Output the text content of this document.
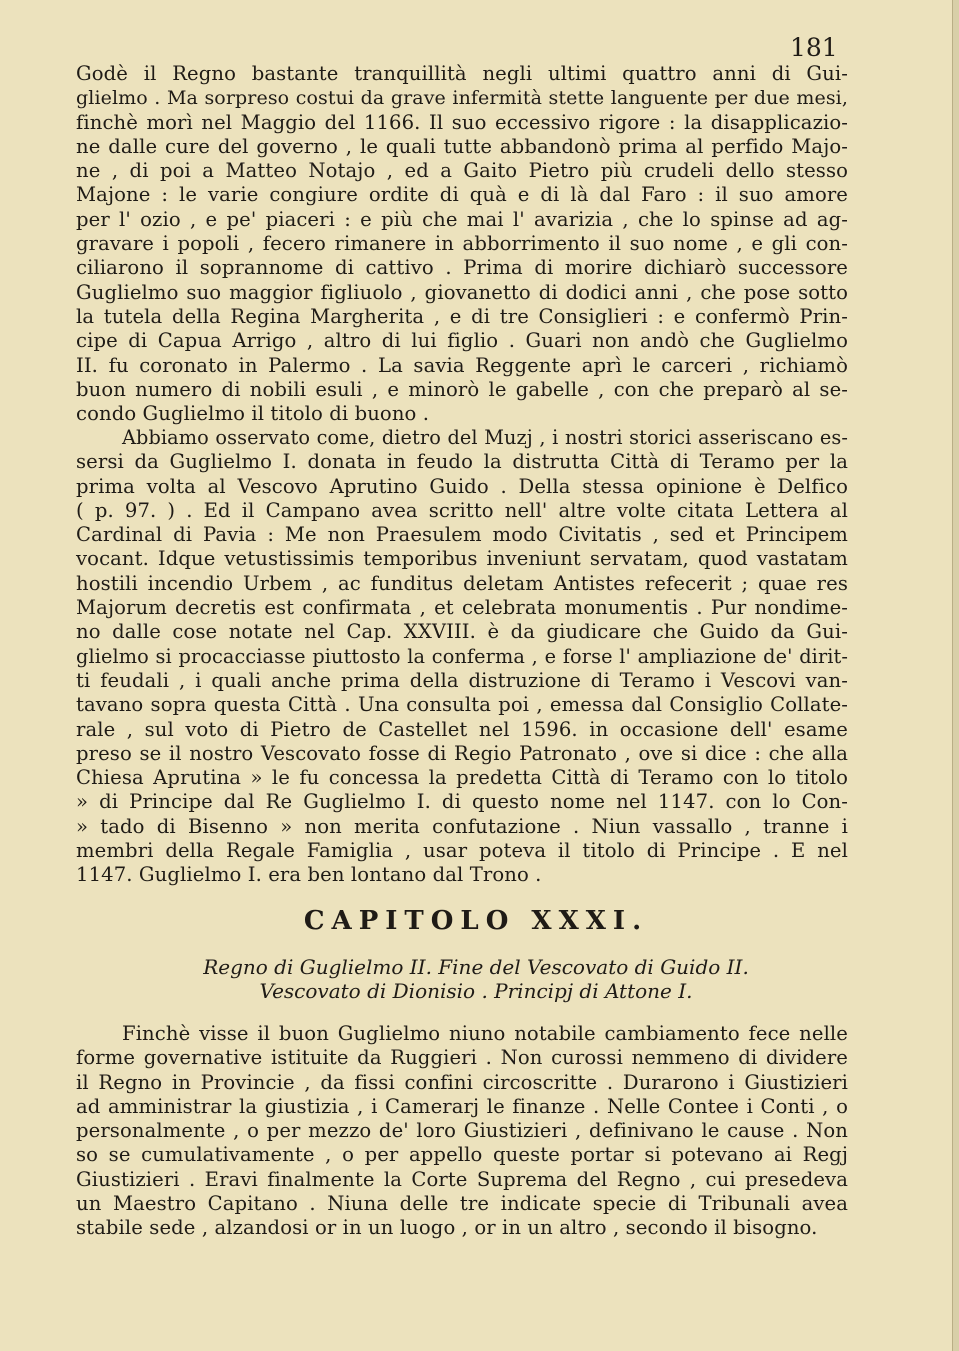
181
Godè il Regno bastante tranquillità negli ultimi quattro anni di Gui-
glielmo . Ma sorpreso costui da grave infermità stette languente per due mesi,
finchè morì nel Maggio del 1166. Il suo eccessivo rigore : la disapplicazio-
ne dalle cure del governo , le quali tutte abbandonò prima al perfido Majo-
ne , di poi a Matteo Notajo , ed a Gaito Pietro più crudeli dello stesso
Majone : le varie congiure ordite di quà e di là dal Faro : il suo amore
per l' ozio , e pe' piaceri : e più che mai l' avarizia , che lo spinse ad ag-
gravare i popoli , fecero rimanere in abborrimento il suo nome , e gli con-
ciliarono il soprannome di cattivo . Prima di morire dichiarò successore
Guglielmo suo maggior figliuolo , giovanetto di dodici anni , che pose sotto
la tutela della Regina Margherita , e di tre Consiglieri : e confermò Prin-
cipe di Capua Arrigo , altro di lui figlio . Guari non andò che Guglielmo
II. fu coronato in Palermo . La savia Reggente aprì le carceri , richiamò
buon numero di nobili esuli , e minorò le gabelle , con che preparò al se-
condo Guglielmo il titolo di buono .
Abbiamo osservato come, dietro del Muzj , i nostri storici asseriscano es-
sersi da Guglielmo I. donata in feudo la distrutta Città di Teramo per la
prima volta al Vescovo Aprutino Guido . Della stessa opinione è Delfico
( p. 97. ) . Ed il Campano avea scritto nell' altre volte citata Lettera al
Cardinal di Pavia : Me non Praesulem modo Civitatis , sed et Principem
vocant. Idque vetustissimis temporibus inveniunt servatam, quod vastatam
hostili incendio Urbem , ac funditus deletam Antistes refecerit ; quae res
Majorum decretis est confirmata , et celebrata monumentis . Pur nondime-
no dalle cose notate nel Cap. XXVIII. è da giudicare che Guido da Gui-
glielmo si procacciasse piuttosto la conferma , e forse l' ampliazione de' dirit-
ti feudali , i quali anche prima della distruzione di Teramo i Vescovi van-
tavano sopra questa Città . Una consulta poi , emessa dal Consiglio Collate-
rale , sul voto di Pietro de Castellet nel 1596. in occasione dell' esame
preso se il nostro Vescovato fosse di Regio Patronato , ove si dice : che alla
Chiesa Aprutina » le fu concessa la predetta Città di Teramo con lo titolo
» di Principe dal Re Guglielmo I. di questo nome nel 1147. con lo Con-
» tado di Bisenno » non merita confutazione . Niun vassallo , tranne i
membri della Regale Famiglia , usar poteva il titolo di Principe . E nel
1147. Guglielmo I. era ben lontano dal Trono .
CAPITOLO XXXI.
Regno di Guglielmo II. Fine del Vescovato di Guido II.
Vescovato di Dionisio . Principj di Attone I.
Finchè visse il buon Guglielmo niuno notabile cambiamento fece nelle
forme governative istituite da Ruggieri . Non curossi nemmeno di dividere
il Regno in Provincie , da fissi confini circoscritte . Durarono i Giustizieri
ad amministrar la giustizia , i Camerarj le finanze . Nelle Contee i Conti , o
personalmente , o per mezzo de' loro Giustizieri , definivano le cause . Non
so se cumulativamente , o per appello queste portar si potevano ai Regj
Giustizieri . Eravi finalmente la Corte Suprema del Regno , cui presedeva
un Maestro Capitano . Niuna delle tre indicate specie di Tribunali avea
stabile sede , alzandosi or in un luogo , or in un altro , secondo il bisogno.
